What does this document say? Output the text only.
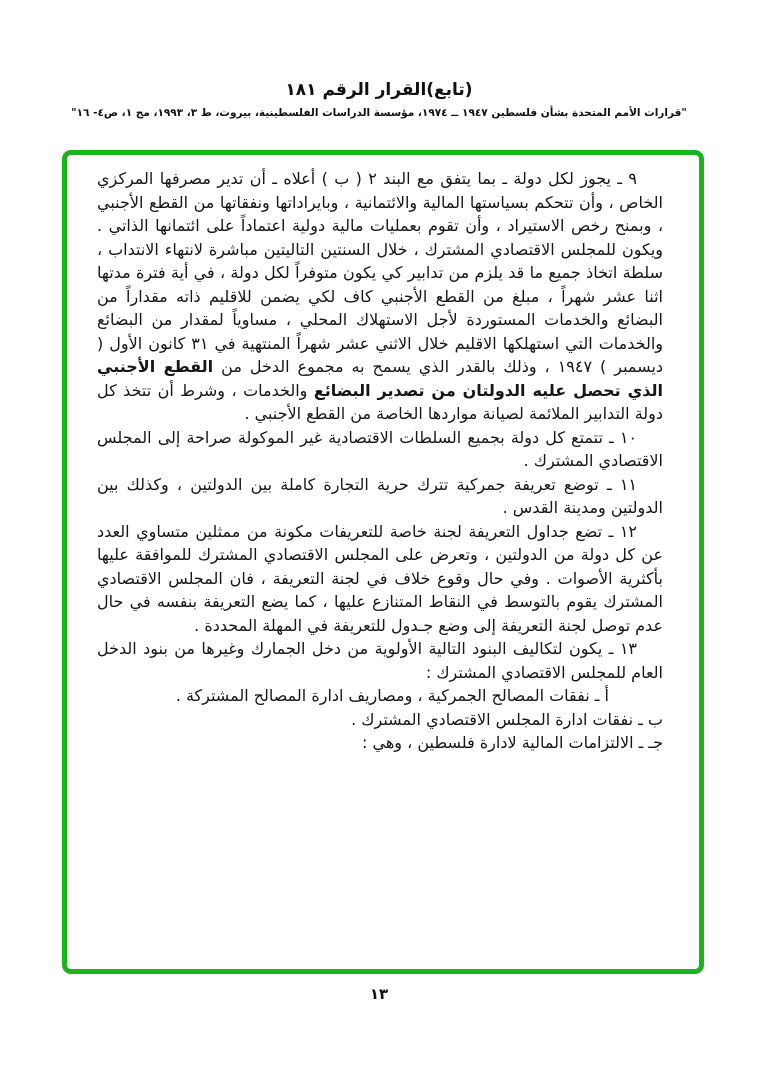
(تابع)القرار الرقم ١٨١
"قرارات الأمم المتحدة بشأن فلسطين ١٩٤٧ ــ ١٩٧٤، مؤسسة الدراسات الفلسطينية، بيروت، ط ٣، ١٩٩٣، مج ١، ص٤- ١٦"

٩ ـ يجوز لكل دولة ـ بما يتفق مع البند ٢ ( ب ) أعلاه ـ أن تدير مصرفها المركزي الخاص ، وأن تتحكم بسياستها المالية والائتمانية ، وبايراداتها ونفقاتها من القطع الأجنبي ، وبمنح رخص الاستيراد ، وأن تقوم بعمليات مالية دولية اعتماداً على ائتمانها الذاتي . ويكون للمجلس الاقتصادي المشترك ، خلال السنتين التاليتين مباشرة لانتهاء الانتداب ، سلطة اتخاذ جميع ما قد يلزم من تدابير كي يكون متوفراً لكل دولة ، في أية فترة مدتها اثنا عشر شهراً ، مبلغ من القطع الأجنبي كاف لكي يضمن للاقليم ذاته مقداراً من البضائع والخدمات المستوردة لأجل الاستهلاك المحلي ، مساوياً لمقدار من البضائع والخدمات التي استهلكها الاقليم خلال الاثني عشر شهراً المنتهية في ٣١ كانون الأول ( ديسمبر ) ١٩٤٧ ، وذلك بالقدر الذي يسمح به مجموع الدخل من القطع الأجنبي الذي تحصل عليه الدولتان من تصدير البضائع والخدمات ، وشرط أن تتخذ كل دولة التدابير الملائمة لصيانة مواردها الخاصة من القطع الأجنبي .

١٠ ـ تتمتع كل دولة بجميع السلطات الاقتصادية غير الموكولة صراحة إلى المجلس الاقتصادي المشترك .

١١ ـ توضع تعريفة جمركية تترك حرية التجارة كاملة بين الدولتين ، وكذلك بين الدولتين ومدينة القدس .

١٢ ـ تضع جداول التعريفة لجنة خاصة للتعريفات مكونة من ممثلين متساوي العدد عن كل دولة من الدولتين ، وتعرض على المجلس الاقتصادي المشترك للموافقة عليها بأكثرية الأصوات . وفي حال وقوع خلاف في لجنة التعريفة ، فان المجلس الاقتصادي المشترك يقوم بالتوسط في النقاط المتنازع عليها ، كما يضع التعريفة بنفسه في حال عدم توصل لجنة التعريفة إلى وضع جـدول للتعريفة في المهلة المحددة .

١٣ ـ يكون لتكاليف البنود التالية الأولوية من دخل الجمارك وغيرها من بنود الدخل العام للمجلس الاقتصادي المشترك :

أ ـ نفقات المصالح الجمركية ، ومصاريف ادارة المصالح المشتركة .

ب ـ نفقات ادارة المجلس الاقتصادي المشترك .

جـ ـ الالتزامات المالية لادارة فلسطين ، وهي :

١٣
